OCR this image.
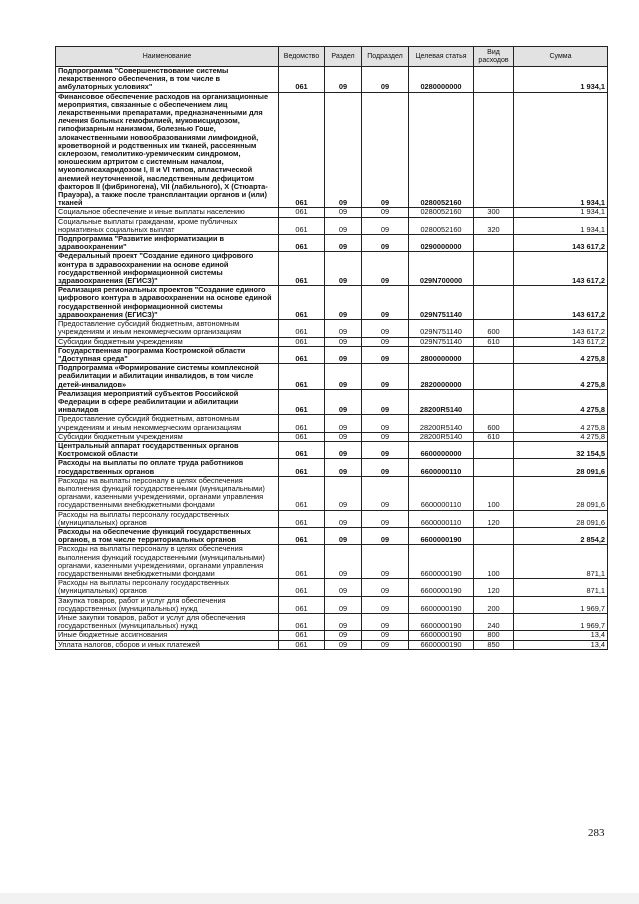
Наименование	Ведомство	Раздел	Подраздел	Целевая статья	Вид расходов	Сумма
Подпрограмма "Совершенствование системы лекарственного обеспечения, в том числе в амбулаторных условиях"	061	09	09	0280000000		1 934,1
Финансовое обеспечение расходов на организационные мероприятия, связанные с обеспечением лиц лекарственными препаратами, предназначенными для лечения больных гемофилией, муковисцидозом, гипофизарным нанизмом, болезнью Гоше, злокачественными новообразованиями лимфоидной, кроветворной и родственных им тканей, рассеянным склерозом, гемолитико-уремическим синдромом, юношеским артритом с системным началом, мукополисахаридозом I, II и VI типов, апластической анемией неуточненной, наследственным дефицитом факторов II (фибриногена), VII (лабильного), X (Стюарта-Прауэра), а также после трансплантации органов и (или) тканей	061	09	09	0280052160		1 934,1
Социальное обеспечение и иные выплаты населению	061	09	09	0280052160	300	1 934,1
Социальные выплаты гражданам, кроме публичных нормативных социальных выплат	061	09	09	0280052160	320	1 934,1
Подпрограмма "Развитие информатизации в здравоохранении"	061	09	09	0290000000		143 617,2
Федеральный проект "Создание единого цифрового контура в здравоохранении на основе единой государственной информационной системы здравоохранения (ЕГИСЗ)"	061	09	09	029N700000		143 617,2
Реализация региональных проектов "Создание единого цифрового контура в здравоохранении на основе единой государственной информационной системы здравоохранения (ЕГИСЗ)"	061	09	09	029N751140		143 617,2
Предоставление субсидий бюджетным, автономным учреждениям и иным некоммерческим организациям	061	09	09	029N751140	600	143 617,2
Субсидии бюджетным учреждениям	061	09	09	029N751140	610	143 617,2
Государственная программа Костромской области "Доступная среда"	061	09	09	2800000000		4 275,8
Подпрограмма «Формирование системы комплексной реабилитации и абилитации инвалидов, в том числе детей-инвалидов»	061	09	09	2820000000		4 275,8
Реализация мероприятий субъектов Российской Федерации в сфере реабилитации и абилитации инвалидов	061	09	09	28200R5140		4 275,8
Предоставление субсидий бюджетным, автономным учреждениям и иным некоммерческим организациям	061	09	09	28200R5140	600	4 275,8
Субсидии бюджетным учреждениям	061	09	09	28200R5140	610	4 275,8
Центральный аппарат государственных органов Костромской области	061	09	09	6600000000		32 154,5
Расходы на выплаты по оплате труда работников государственных органов	061	09	09	6600000110		28 091,6
Расходы на выплаты персоналу в целях обеспечения выполнения функций государственными (муниципальными) органами, казенными учреждениями, органами управления государственными внебюджетными фондами	061	09	09	6600000110	100	28 091,6
Расходы на выплаты персоналу государственных (муниципальных) органов	061	09	09	6600000110	120	28 091,6
Расходы на обеспечение функций государственных органов, в том числе территориальных органов	061	09	09	6600000190		2 854,2
Расходы на выплаты персоналу в целях обеспечения выполнения функций государственными (муниципальными) органами, казенными учреждениями, органами управления государственными внебюджетными фондами	061	09	09	6600000190	100	871,1
Расходы на выплаты персоналу государственных (муниципальных) органов	061	09	09	6600000190	120	871,1
Закупка товаров, работ и услуг для обеспечения государственных (муниципальных) нужд	061	09	09	6600000190	200	1 969,7
Иные закупки товаров, работ и услуг для обеспечения государственных (муниципальных) нужд	061	09	09	6600000190	240	1 969,7
Иные бюджетные ассигнования	061	09	09	6600000190	800	13,4
Уплата налогов, сборов и иных платежей	061	09	09	6600000190	850	13,4
283
